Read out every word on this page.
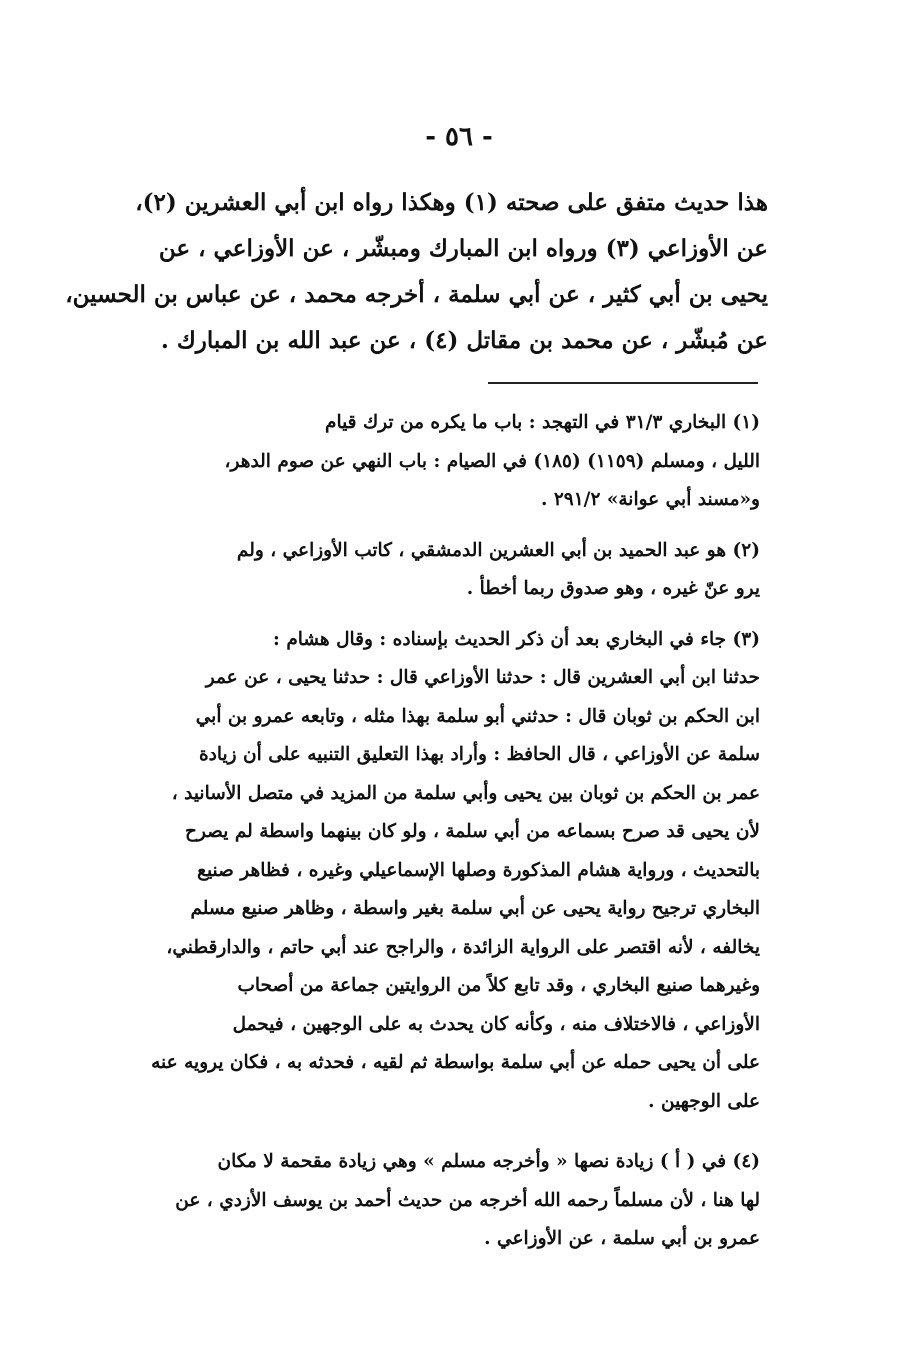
- ٥٦ -
هذا حديث متفق على صحته (١) وهكذا رواه ابن أبي العشرين (٢)،
عن الأوزاعي (٣) ورواه ابن المبارك ومبشّر ، عن الأوزاعي ، عن
يحيى بن أبي كثير ، عن أبي سلمة ، أخرجه محمد ، عن عباس بن الحسين،
عن مُبشّر ، عن محمد بن مقاتل (٤) ، عن عبد الله بن المبارك .
(١) البخاري ٣١/٣ في التهجد : باب ما يكره من ترك قيام
الليل ، ومسلم (١١٥٩) (١٨٥) في الصيام : باب النهي عن صوم الدهر،
و«مسند أبي عوانة» ٢٩١/٢ .
(٢) هو عبد الحميد بن أبي العشرين الدمشقي ، كاتب الأوزاعي ، ولم
يرو عنّ غيره ، وهو صدوق ربما أخطأ .
(٣) جاء في البخاري بعد أن ذكر الحديث بإسناده : وقال هشام :
حدثنا ابن أبي العشرين قال : حدثنا الأوزاعي قال : حدثنا يحيى ، عن عمر
ابن الحكم بن ثوبان قال : حدثني أبو سلمة بهذا مثله ، وتابعه عمرو بن أبي
سلمة عن الأوزاعي ، قال الحافظ : وأراد بهذا التعليق التنبيه على أن زيادة
عمر بن الحكم بن ثوبان بين يحيى وأبي سلمة من المزيد في متصل الأسانيد ،
لأن يحيى قد صرح بسماعه من أبي سلمة ، ولو كان بينهما واسطة لم يصرح
بالتحديث ، ورواية هشام المذكورة وصلها الإسماعيلي وغيره ، فظاهر صنيع
البخاري ترجيح رواية يحيى عن أبي سلمة بغير واسطة ، وظاهر صنيع مسلم
يخالفه ، لأنه اقتصر على الرواية الزائدة ، والراجح عند أبي حاتم ، والدارقطني،
وغيرهما صنيع البخاري ، وقد تابع كلاً من الروايتين جماعة من أصحاب
الأوزاعي ، فالاختلاف منه ، وكأنه كان يحدث به على الوجهين ، فيحمل
على أن يحيى حمله عن أبي سلمة بواسطة ثم لقيه ، فحدثه به ، فكان يرويه عنه
على الوجهين .
(٤) في ( أ ) زيادة نصها « وأخرجه مسلم » وهي زيادة مقحمة لا مكان
لها هنا ، لأن مسلماً رحمه الله أخرجه من حديث أحمد بن يوسف الأزدي ، عن
عمرو بن أبي سلمة ، عن الأوزاعي .
